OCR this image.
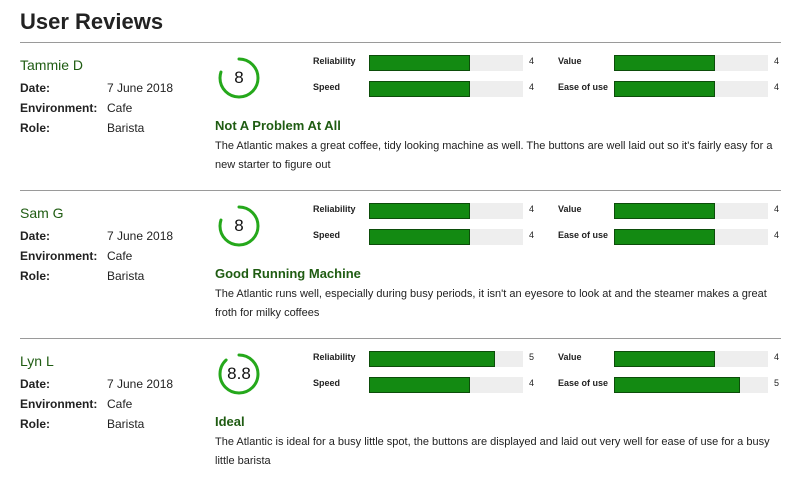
User Reviews
Tammie D
Date:	7 June 2018
Environment: Cafe
Role:	Barista
8
Reliability	4	Value	4
Speed	4	Ease of use	4
Not A Problem At All
The Atlantic makes a great coffee, tidy looking machine as well. The buttons are well laid out so it's fairly easy for a new starter to figure out
Sam G
Date:	7 June 2018
Environment: Cafe
Role:	Barista
8
Reliability	4	Value	4
Speed	4	Ease of use	4
Good Running Machine
The Atlantic runs well, especially during busy periods, it isn't an eyesore to look at and the steamer makes a great froth for milky coffees
Lyn L
Date:	7 June 2018
Environment: Cafe
Role:	Barista
8.8
Reliability	5	Value	4
Speed	4	Ease of use	5
Ideal
The Atlantic is ideal for a busy little spot, the buttons are displayed and laid out very well for ease of use for a busy little barista
